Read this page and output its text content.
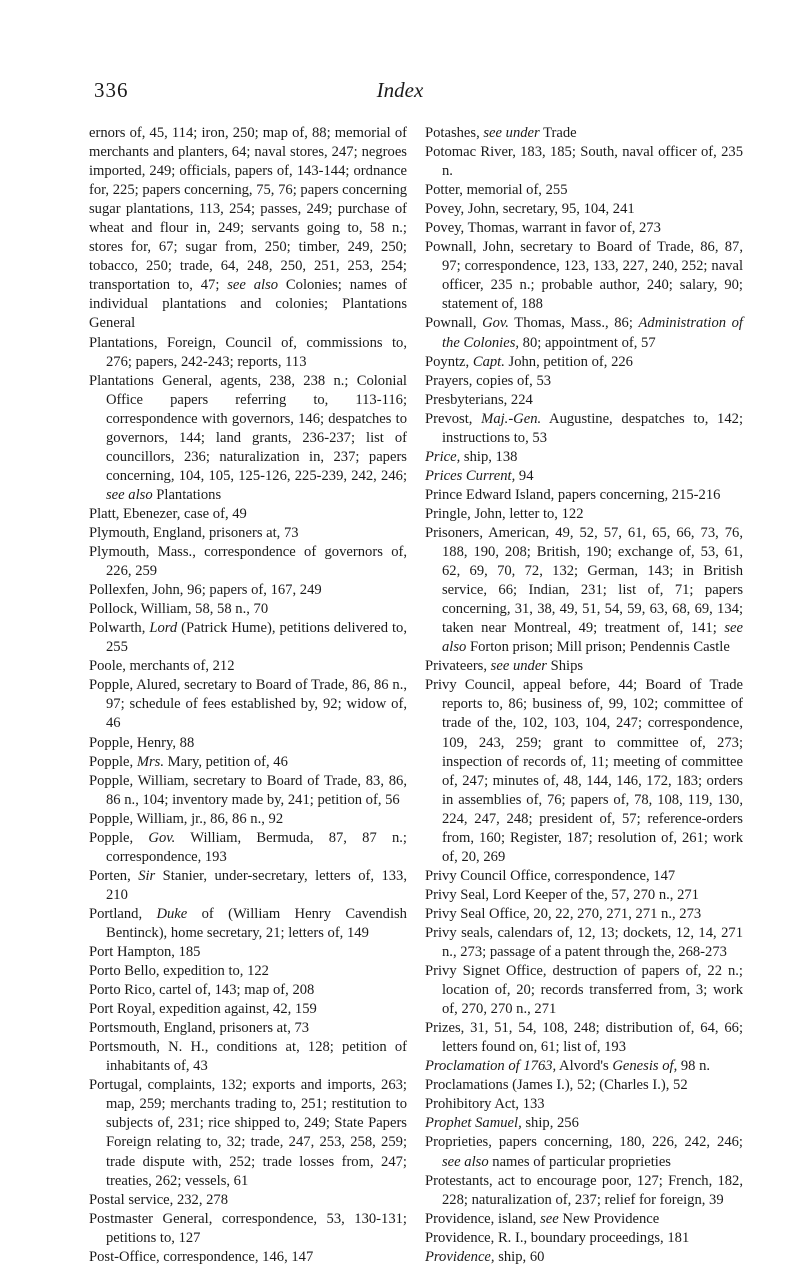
336	Index

ernors of, 45, 114; iron, 250; map of, 88; memorial of merchants and planters, 64; naval stores, 247; negroes imported, 249; officials, papers of, 143-144; ordnance for, 225; papers concerning, 75, 76; papers concerning sugar plantations, 113, 254; passes, 249; purchase of wheat and flour in, 249; servants going to, 58 n.; stores for, 67; sugar from, 250; timber, 249, 250; tobacco, 250; trade, 64, 248, 250, 251, 253, 254; transportation to, 47; see also Colonies; names of individual plantations and colonies; Plantations General

Plantations, Foreign, Council of, commissions to, 276; papers, 242-243; reports, 113

Plantations General, agents, 238, 238 n.; Colonial Office papers referring to, 113-116; correspondence with governors, 146; despatches to governors, 144; land grants, 236-237; list of councillors, 236; naturalization in, 237; papers concerning, 104, 105, 125-126, 225-239, 242, 246; see also Plantations

Platt, Ebenezer, case of, 49

Plymouth, England, prisoners at, 73

Plymouth, Mass., correspondence of governors of, 226, 259

Pollexfen, John, 96; papers of, 167, 249

Pollock, William, 58, 58 n., 70

Polwarth, Lord (Patrick Hume), petitions delivered to, 255

Poole, merchants of, 212

Popple, Alured, secretary to Board of Trade, 86, 86 n., 97; schedule of fees established by, 92; widow of, 46

Popple, Henry, 88

Popple, Mrs. Mary, petition of, 46

Popple, William, secretary to Board of Trade, 83, 86, 86 n., 104; inventory made by, 241; petition of, 56

Popple, William, jr., 86, 86 n., 92

Popple, Gov. William, Bermuda, 87, 87 n.; correspondence, 193

Porten, Sir Stanier, under-secretary, letters of, 133, 210

Portland, Duke of (William Henry Cavendish Bentinck), home secretary, 21; letters of, 149

Port Hampton, 185

Porto Bello, expedition to, 122

Porto Rico, cartel of, 143; map of, 208

Port Royal, expedition against, 42, 159

Portsmouth, England, prisoners at, 73

Portsmouth, N. H., conditions at, 128; petition of inhabitants of, 43

Portugal, complaints, 132; exports and imports, 263; map, 259; merchants trading to, 251; restitution to subjects of, 231; rice shipped to, 249; State Papers Foreign relating to, 32; trade, 247, 253, 258, 259; trade dispute with, 252; trade losses from, 247; treaties, 262; vessels, 61

Postal service, 232, 278

Postmaster General, correspondence, 53, 130-131; petitions to, 127

Post-Office, correspondence, 146, 147

Potashes, see under Trade

Potomac River, 183, 185; South, naval officer of, 235 n.

Potter, memorial of, 255

Povey, John, secretary, 95, 104, 241

Povey, Thomas, warrant in favor of, 273

Pownall, John, secretary to Board of Trade, 86, 87, 97; correspondence, 123, 133, 227, 240, 252; naval officer, 235 n.; probable author, 240; salary, 90; statement of, 188

Pownall, Gov. Thomas, Mass., 86; Administration of the Colonies, 80; appointment of, 57

Poyntz, Capt. John, petition of, 226

Prayers, copies of, 53

Presbyterians, 224

Prevost, Maj.-Gen. Augustine, despatches to, 142; instructions to, 53

Price, ship, 138

Prices Current, 94

Prince Edward Island, papers concerning, 215-216

Pringle, John, letter to, 122

Prisoners, American, 49, 52, 57, 61, 65, 66, 73, 76, 188, 190, 208; British, 190; exchange of, 53, 61, 62, 69, 70, 72, 132; German, 143; in British service, 66; Indian, 231; list of, 71; papers concerning, 31, 38, 49, 51, 54, 59, 63, 68, 69, 134; taken near Montreal, 49; treatment of, 141; see also Forton prison; Mill prison; Pendennis Castle

Privateers, see under Ships

Privy Council, appeal before, 44; Board of Trade reports to, 86; business of, 99, 102; committee of trade of the, 102, 103, 104, 247; correspondence, 109, 243, 259; grant to committee of, 273; inspection of records of, 11; meeting of committee of, 247; minutes of, 48, 144, 146, 172, 183; orders in assemblies of, 76; papers of, 78, 108, 119, 130, 224, 247, 248; president of, 57; reference-orders from, 160; Register, 187; resolution of, 261; work of, 20, 269

Privy Council Office, correspondence, 147

Privy Seal, Lord Keeper of the, 57, 270 n., 271

Privy Seal Office, 20, 22, 270, 271, 271 n., 273

Privy seals, calendars of, 12, 13; dockets, 12, 14, 271 n., 273; passage of a patent through the, 268-273

Privy Signet Office, destruction of papers of, 22 n.; location of, 20; records transferred from, 3; work of, 270, 270 n., 271

Prizes, 31, 51, 54, 108, 248; distribution of, 64, 66; letters found on, 61; list of, 193

Proclamation of 1763, Alvord's Genesis of, 98 n.

Proclamations (James I.), 52; (Charles I.), 52

Prohibitory Act, 133

Prophet Samuel, ship, 256

Proprieties, papers concerning, 180, 226, 242, 246; see also names of particular proprieties

Protestants, act to encourage poor, 127; French, 182, 228; naturalization of, 237; relief for foreign, 39

Providence, island, see New Providence

Providence, R. I., boundary proceedings, 181

Providence, ship, 60
